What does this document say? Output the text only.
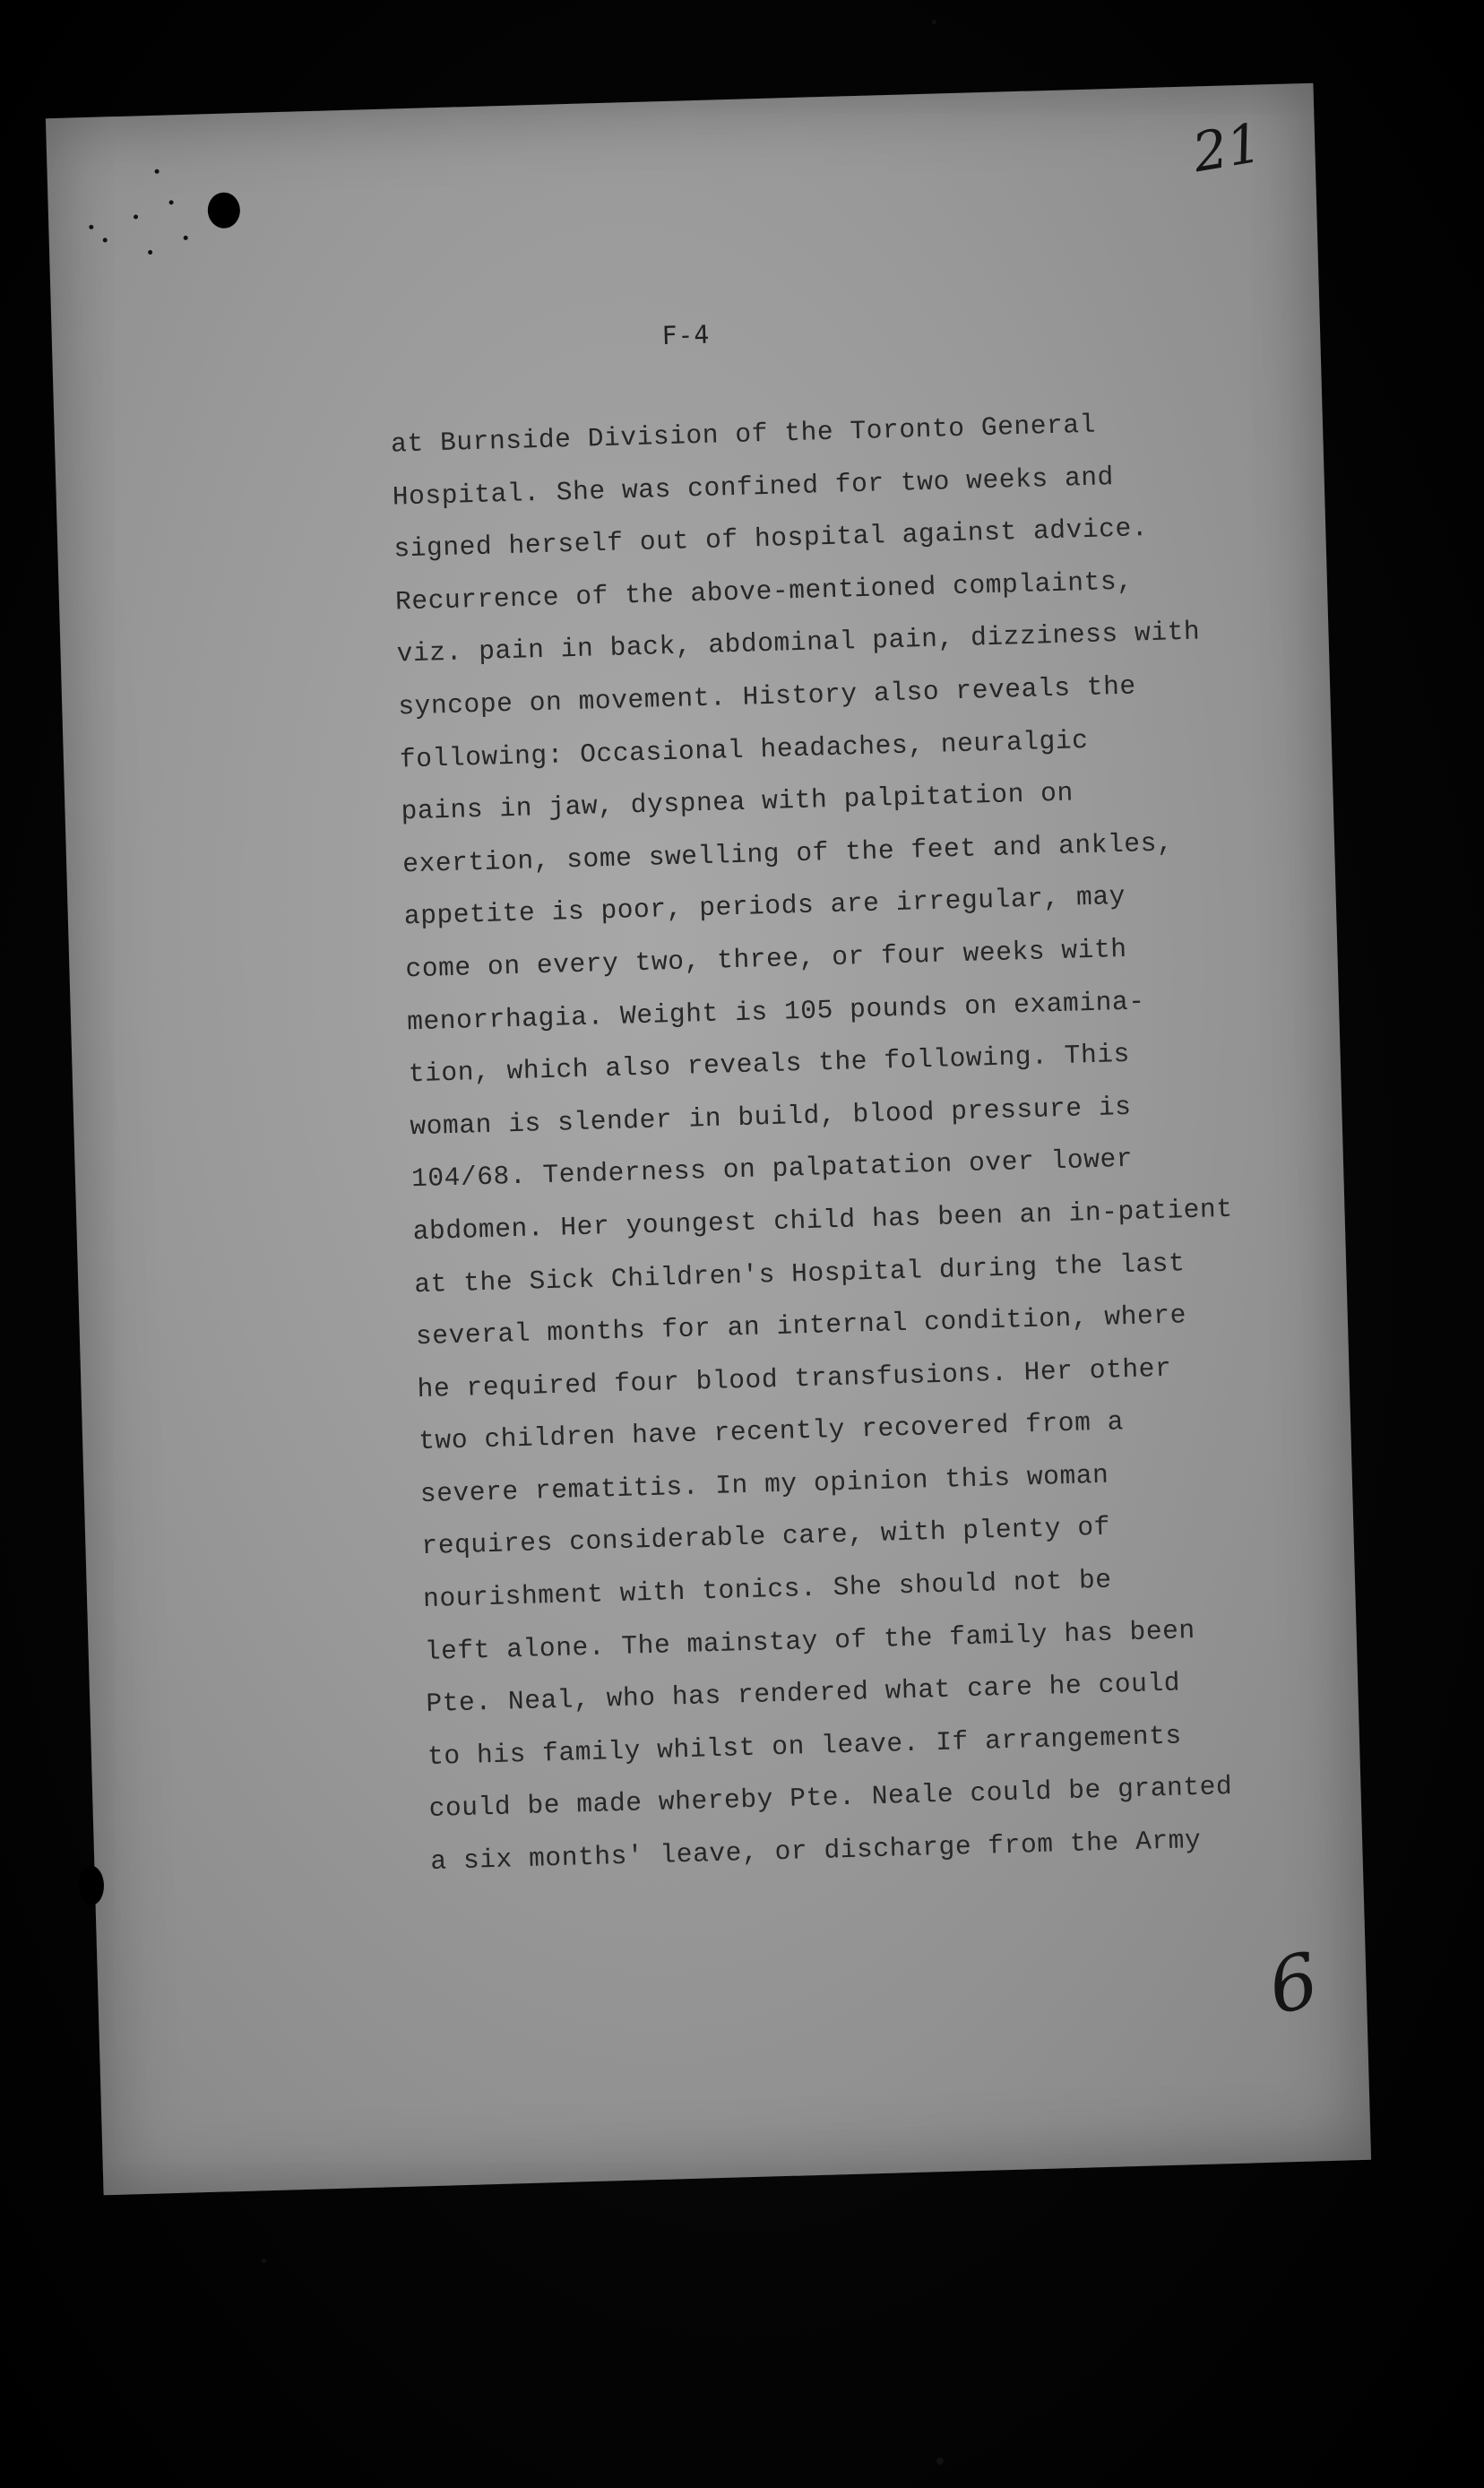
21
F-4
at Burnside Division of the Toronto General
Hospital. She was confined for two weeks and
signed herself out of hospital against advice.
Recurrence of the above-mentioned complaints,
viz. pain in back, abdominal pain, dizziness with
syncope on movement. History also reveals the
following: Occasional headaches, neuralgic
pains in jaw, dyspnea with palpitation on
exertion, some swelling of the feet and ankles,
appetite is poor, periods are irregular, may
come on every two, three, or four weeks with
menorrhagia. Weight is 105 pounds on examina-
tion, which also reveals the following. This
woman is slender in build, blood pressure is
104/68. Tenderness on palpatation over lower
abdomen. Her youngest child has been an in-patient
at the Sick Children's Hospital during the last
several months for an internal condition, where
he required four blood transfusions. Her other
two children have recently recovered from a
severe rematitis. In my opinion this woman
requires considerable care, with plenty of
nourishment with tonics. She should not be
left alone. The mainstay of the family has been
Pte. Neal, who has rendered what care he could
to his family whilst on leave. If arrangements
could be made whereby Pte. Neale could be granted
a six months' leave, or discharge from the Army
6
